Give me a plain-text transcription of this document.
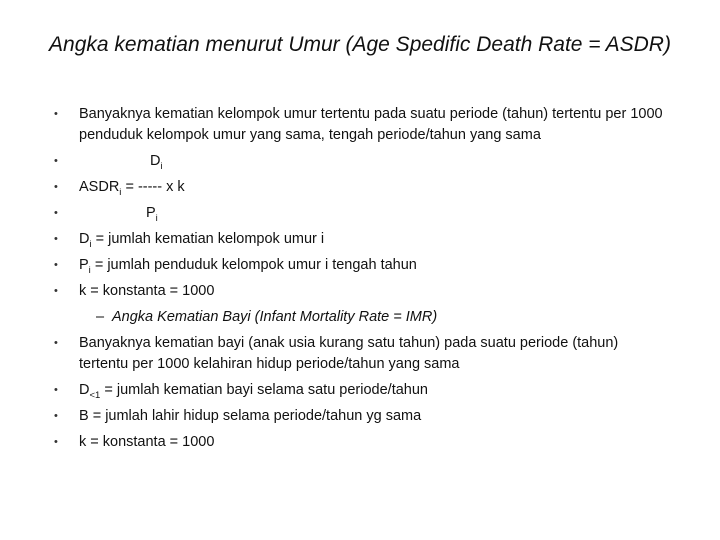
Angka kematian menurut Umur (Age Spedific Death Rate = ASDR)
•	Banyaknya kematian kelompok umur tertentu pada suatu periode (tahun) tertentu per 1000 penduduk kelompok umur yang sama, tengah periode/tahun yang sama
•	$D_i$
•	$ASDR_i$ = ----- x k
•	$P_i$
•	$D_i$ = jumlah kematian kelompok umur i
•	$P_i$ = jumlah penduduk kelompok umur i tengah tahun
•	k = konstanta = 1000
– Angka Kematian Bayi (Infant Mortality Rate = IMR)
•	Banyaknya kematian bayi (anak usia kurang satu tahun) pada suatu periode (tahun) tertentu per 1000 kelahiran hidup periode/tahun yang sama
•	$D_{<1}$ = jumlah kematian bayi selama satu periode/tahun
•	B = jumlah lahir hidup selama periode/tahun yg sama
•	k = konstanta = 1000
